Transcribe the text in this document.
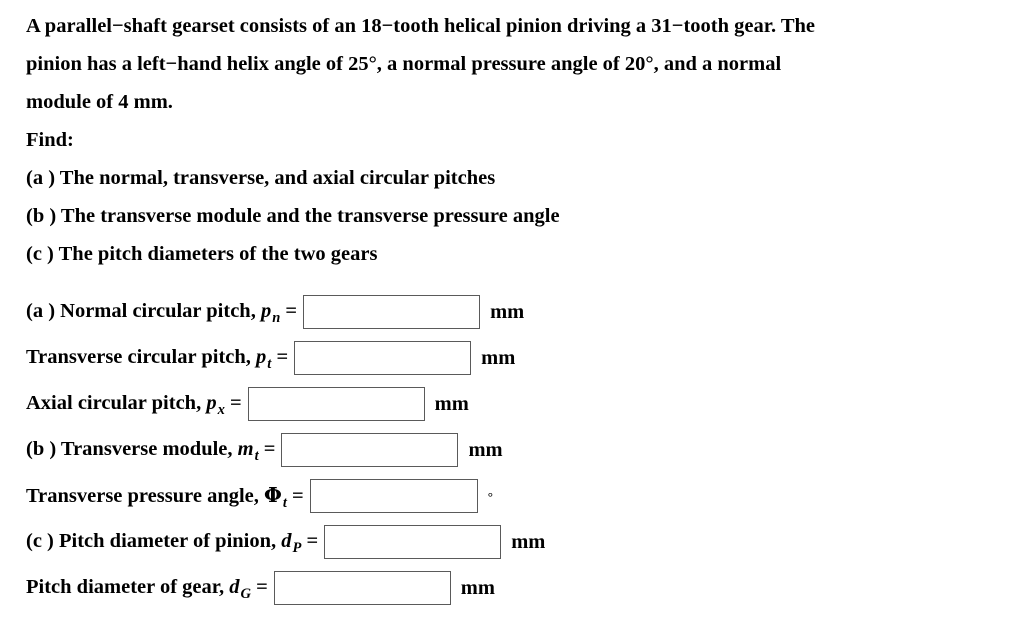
A parallel−shaft gearset consists of an 18−tooth helical pinion driving a 31−tooth gear. The

pinion has a left−hand helix angle of 25°, a normal pressure angle of 20°, and a normal

module of 4 mm.

Find:

(a ) The normal, transverse, and axial circular pitches

(b ) The transverse module and the transverse pressure angle

(c ) The pitch diameters of the two gears

(a ) Normal circular pitch, $p_n$ =	mm
Transverse circular pitch, $p_t$ =	mm
Axial circular pitch, $p_x$ =	mm
(b ) Transverse module, $m_t$ =	mm
Transverse pressure angle, $\Phi_t$ =	°
(c ) Pitch diameter of pinion, $d_P$ =	mm
Pitch diameter of gear, $d_G$ =	mm
